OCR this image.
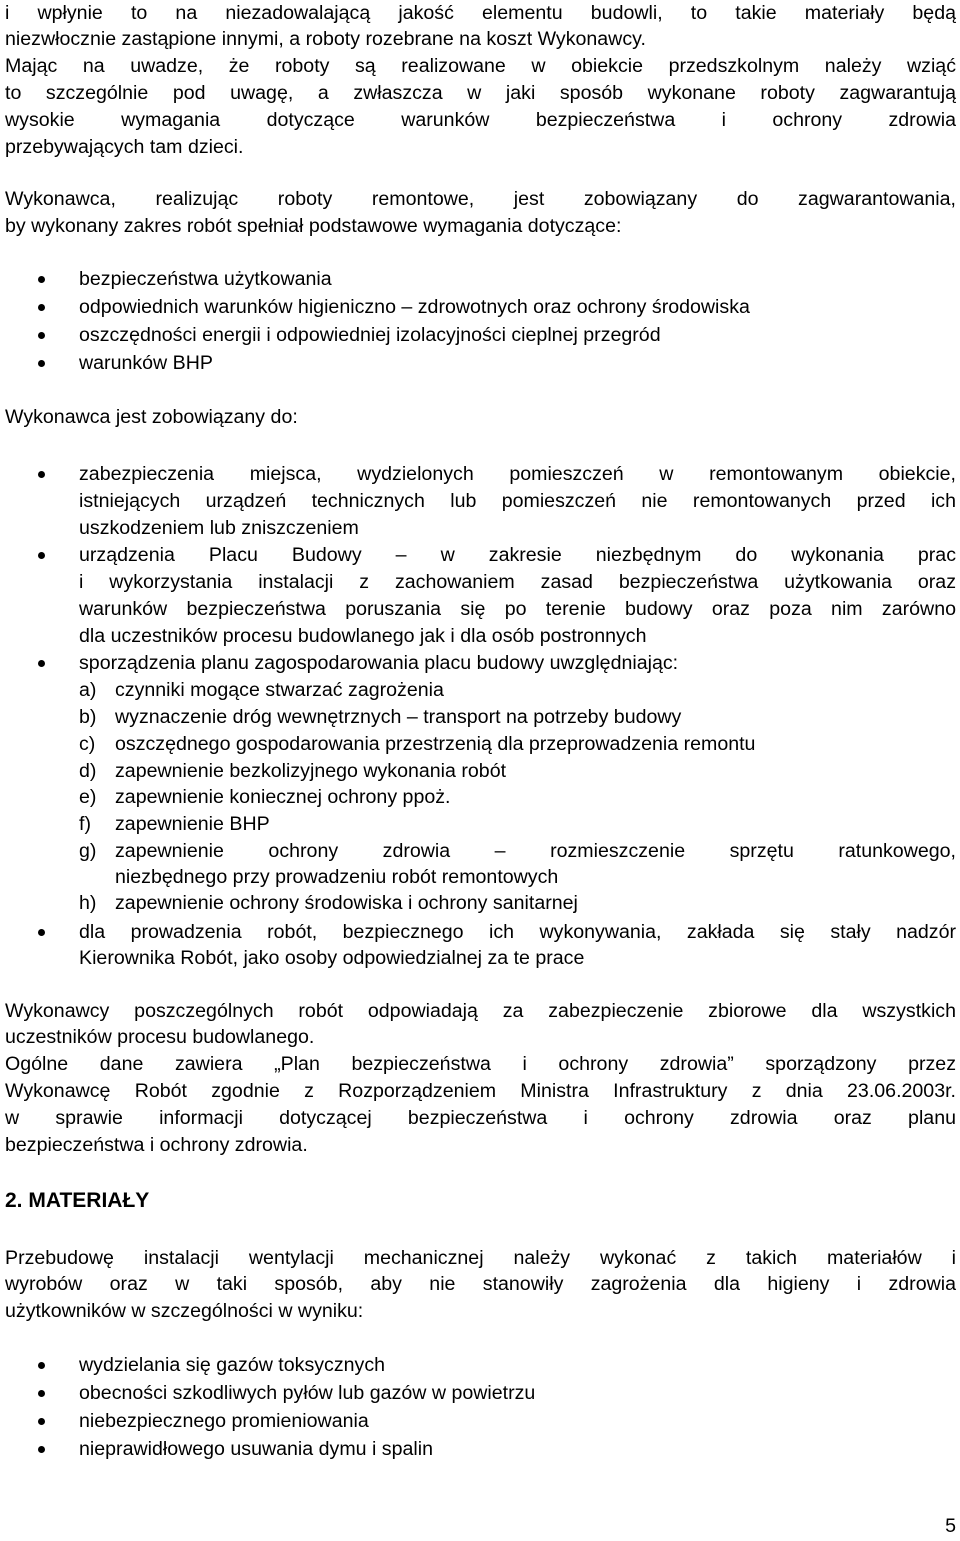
i wpłynie to na niezadowalającą jakość elementu budowli, to takie materiały będą
niezwłocznie zastąpione innymi, a roboty rozebrane na koszt Wykonawcy.
Mając na uwadze, że roboty są realizowane w obiekcie przedszkolnym należy wziąć
to szczególnie pod uwagę, a zwłaszcza w jaki sposób wykonane roboty zagwarantują
wysokie wymagania dotyczące warunków bezpieczeństwa i ochrony zdrowia
przebywających tam dzieci.
Wykonawca, realizując roboty remontowe, jest zobowiązany do zagwarantowania,
by wykonany zakres robót spełniał podstawowe wymagania dotyczące:
bezpieczeństwa użytkowania
odpowiednich warunków higieniczno – zdrowotnych oraz ochrony środowiska
oszczędności energii i odpowiedniej izolacyjności cieplnej przegród
warunków BHP
Wykonawca jest zobowiązany do:
zabezpieczenia miejsca, wydzielonych pomieszczeń w remontowanym obiekcie,
istniejących urządzeń technicznych lub pomieszczeń nie remontowanych przed ich
uszkodzeniem lub zniszczeniem
urządzenia Placu Budowy – w zakresie niezbędnym do wykonania prac
i wykorzystania instalacji z zachowaniem zasad bezpieczeństwa użytkowania oraz
warunków bezpieczeństwa poruszania się po terenie budowy oraz poza nim zarówno
dla uczestników procesu budowlanego jak i dla osób postronnych
sporządzenia planu zagospodarowania placu budowy uwzględniając:
a) czynniki mogące stwarzać zagrożenia
b) wyznaczenie dróg wewnętrznych – transport na potrzeby budowy
c) oszczędnego gospodarowania przestrzenią dla przeprowadzenia remontu
d) zapewnienie bezkolizyjnego wykonania robót
e) zapewnienie koniecznej ochrony ppoż.
f) zapewnienie BHP
g) zapewnienie ochrony zdrowia – rozmieszczenie sprzętu ratunkowego,
niezbędnego przy prowadzeniu robót remontowych
h) zapewnienie ochrony środowiska i ochrony sanitarnej
dla prowadzenia robót, bezpiecznego ich wykonywania, zakłada się stały nadzór
Kierownika Robót, jako osoby odpowiedzialnej za te prace
Wykonawcy poszczególnych robót odpowiadają za zabezpieczenie zbiorowe dla wszystkich
uczestników procesu budowlanego.
Ogólne dane zawiera „Plan bezpieczeństwa i ochrony zdrowia” sporządzony przez
Wykonawcę Robót zgodnie z Rozporządzeniem Ministra Infrastruktury z dnia 23.06.2003r.
w sprawie informacji dotyczącej bezpieczeństwa i ochrony zdrowia oraz planu
bezpieczeństwa i ochrony zdrowia.
2. MATERIAŁY
Przebudowę instalacji wentylacji mechanicznej należy wykonać z takich materiałów i
wyrobów oraz w taki sposób, aby nie stanowiły zagrożenia dla higieny i zdrowia
użytkowników w szczególności w wyniku:
wydzielania się gazów toksycznych
obecności szkodliwych pyłów lub gazów w powietrzu
niebezpiecznego promieniowania
nieprawidłowego usuwania dymu i spalin
5
